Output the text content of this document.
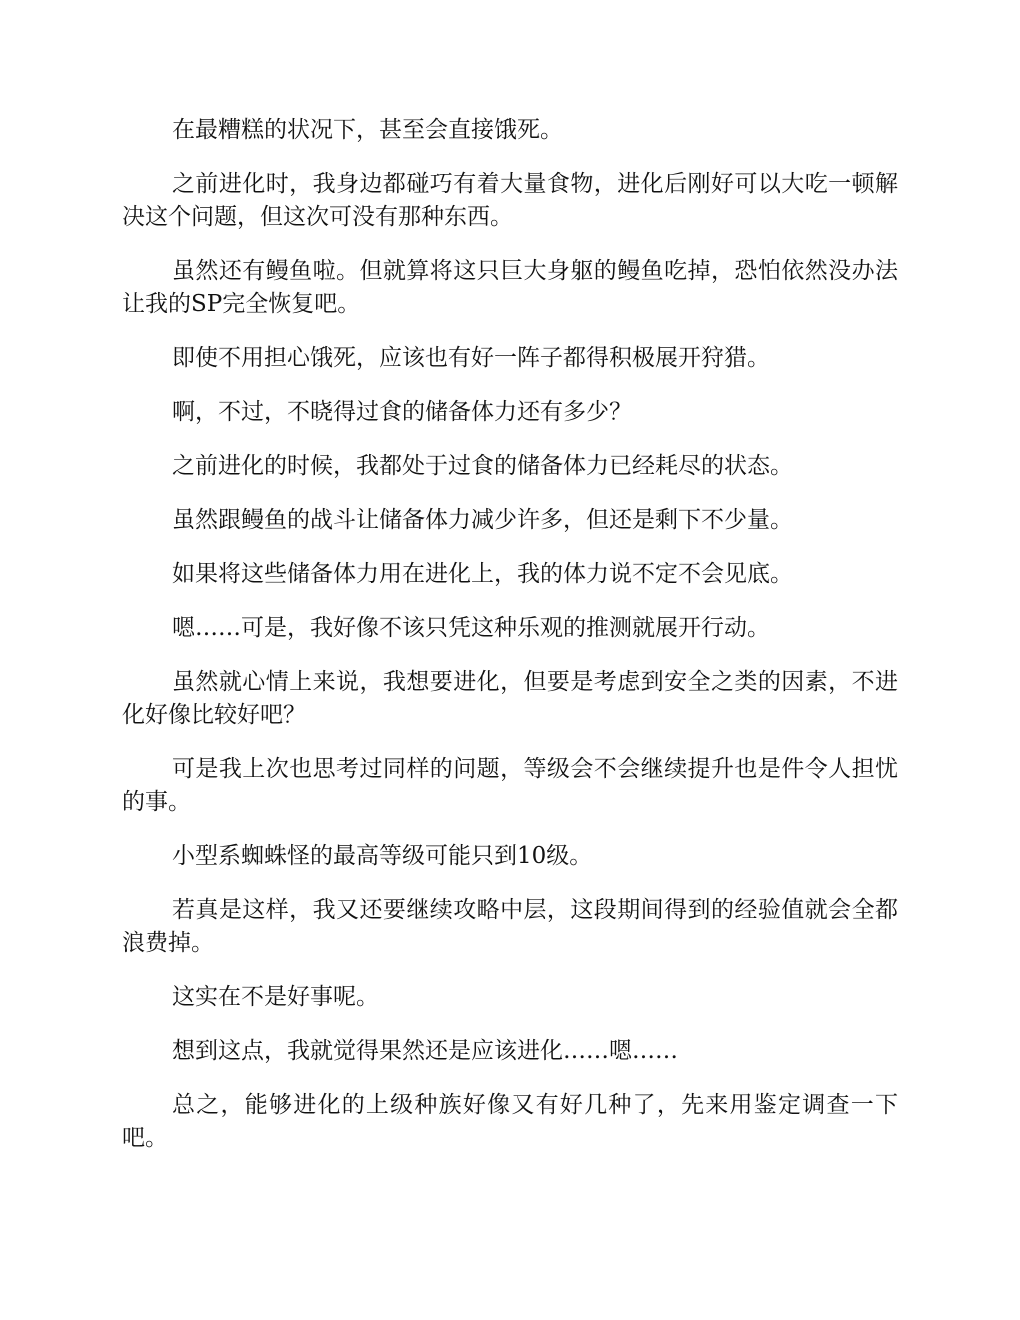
在最糟糕的状况下，甚至会直接饿死。

之前进化时，我身边都碰巧有着大量食物，进化后刚好可以大吃一顿解决这个问题，但这次可没有那种东西。

虽然还有鳗鱼啦。但就算将这只巨大身躯的鳗鱼吃掉，恐怕依然没办法让我的SP完全恢复吧。

即使不用担心饿死，应该也有好一阵子都得积极展开狩猎。

啊，不过，不晓得过食的储备体力还有多少？

之前进化的时候，我都处于过食的储备体力已经耗尽的状态。

虽然跟鳗鱼的战斗让储备体力减少许多，但还是剩下不少量。

如果将这些储备体力用在进化上，我的体力说不定不会见底。

嗯……可是，我好像不该只凭这种乐观的推测就展开行动。

虽然就心情上来说，我想要进化，但要是考虑到安全之类的因素，不进化好像比较好吧？

可是我上次也思考过同样的问题，等级会不会继续提升也是件令人担忧的事。

小型系蜘蛛怪的最高等级可能只到10级。

若真是这样，我又还要继续攻略中层，这段期间得到的经验值就会全都浪费掉。

这实在不是好事呢。

想到这点，我就觉得果然还是应该进化……嗯……

总之，能够进化的上级种族好像又有好几种了，先来用鉴定调查一下吧。
